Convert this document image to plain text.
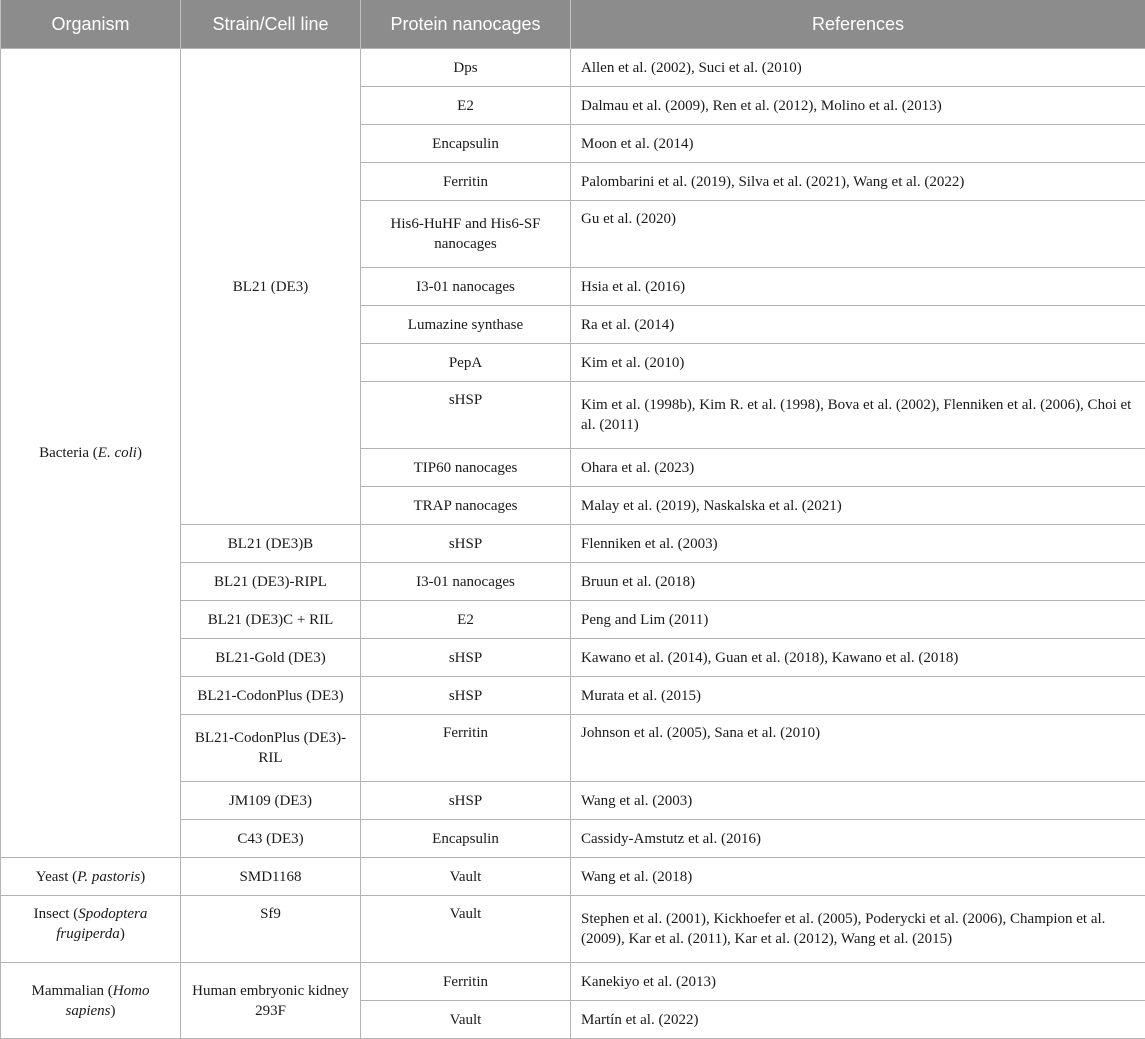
Organism	Strain/Cell line	Protein nanocages	References
Bacteria (E. coli)	BL21 (DE3)	Dps	Allen et al. (2002), Suci et al. (2010)
		E2	Dalmau et al. (2009), Ren et al. (2012), Molino et al. (2013)
		Encapsulin	Moon et al. (2014)
		Ferritin	Palombarini et al. (2019), Silva et al. (2021), Wang et al. (2022)
		His6-HuHF and His6-SF nanocages	Gu et al. (2020)
		I3-01 nanocages	Hsia et al. (2016)
		Lumazine synthase	Ra et al. (2014)
		PepA	Kim et al. (2010)
		sHSP	Kim et al. (1998b), Kim R. et al. (1998), Bova et al. (2002), Flenniken et al. (2006), Choi et al. (2011)
		TIP60 nanocages	Ohara et al. (2023)
		TRAP nanocages	Malay et al. (2019), Naskalska et al. (2021)
	BL21 (DE3)B	sHSP	Flenniken et al. (2003)
	BL21 (DE3)-RIPL	I3-01 nanocages	Bruun et al. (2018)
	BL21 (DE3)C + RIL	E2	Peng and Lim (2011)
	BL21-Gold (DE3)	sHSP	Kawano et al. (2014), Guan et al. (2018), Kawano et al. (2018)
	BL21-CodonPlus (DE3)	sHSP	Murata et al. (2015)
	BL21-CodonPlus (DE3)-RIL	Ferritin	Johnson et al. (2005), Sana et al. (2010)
	JM109 (DE3)	sHSP	Wang et al. (2003)
	C43 (DE3)	Encapsulin	Cassidy-Amstutz et al. (2016)
Yeast (P. pastoris)	SMD1168	Vault	Wang et al. (2018)
Insect (Spodoptera frugiperda)	Sf9	Vault	Stephen et al. (2001), Kickhoefer et al. (2005), Poderycki et al. (2006), Champion et al. (2009), Kar et al. (2011), Kar et al. (2012), Wang et al. (2015)
Mammalian (Homo sapiens)	Human embryonic kidney 293F	Ferritin	Kanekiyo et al. (2013)
		Vault	Martín et al. (2022)
